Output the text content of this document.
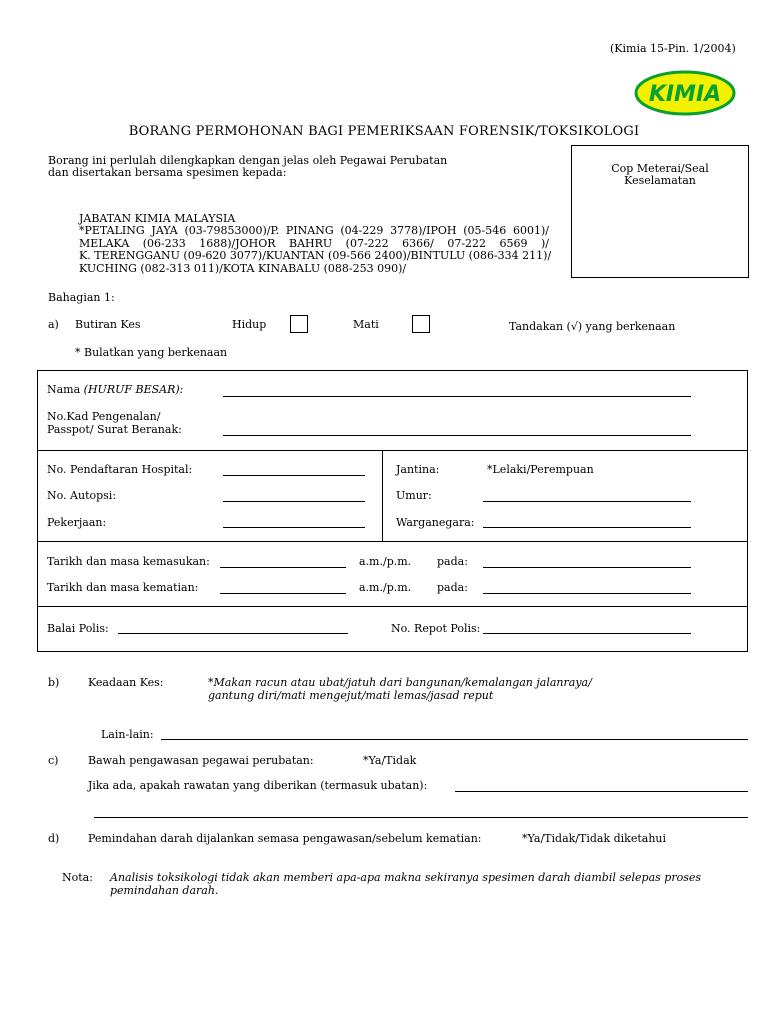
(Kimia 15-Pin. 1/2004)
KIMIA
BORANG PERMOHONAN BAGI PEMERIKSAAN FORENSIK/TOKSIKOLOGI
Borang ini perlulah dilengkapkan dengan jelas oleh Pegawai Perubatan
dan disertakan bersama spesimen kepada:	Cop Meterai/Seal
Keselamatan
JABATAN KIMIA MALAYSIA
*PETALING JAYA (03-79853000)/P. PINANG (04-229 3778)/IPOH (05-546 6001)/
MELAKA (06-233 1688)/JOHOR BAHRU (07-222 6366/ 07-222 6569 )/
K. TERENGGANU (09-620 3077)/KUANTAN (09-566 2400)/BINTULU (086-334 211)/
KUCHING (082-313 011)/KOTA KINABALU (088-253 090)/
Bahagian 1:
a) Butiran Kes	Hidup	Mati	Tandakan (√) yang berkenaan
* Bulatkan yang berkenaan
Nama (HURUF BESAR):
No.Kad Pengenalan/
Passpot/ Surat Beranak:
No. Pendaftaran Hospital:
No. Autopsi:
Pekerjaan:
Jantina:	*Lelaki/Perempuan
Umur:
Warganegara:
Tarikh dan masa kemasukan:	a.m./p.m. pada:
Tarikh dan masa kematian:	a.m./p.m. pada:
Balai Polis:	No. Repot Polis:
b)	Keadaan Kes:	*Makan racun atau ubat/jatuh dari bangunan/kemalangan jalanraya/
gantung diri/mati mengejut/mati lemas/jasad reput
Lain-lain:
c)	Bawah pengawasan pegawai perubatan:	*Ya/Tidak
Jika ada, apakah rawatan yang diberikan (termasuk ubatan):
d)	Pemindahan darah dijalankan semasa pengawasan/sebelum kematian:	*Ya/Tidak/Tidak diketahui
Nota: Analisis toksikologi tidak akan memberi apa-apa makna sekiranya spesimen darah diambil selepas proses
pemindahan darah.
